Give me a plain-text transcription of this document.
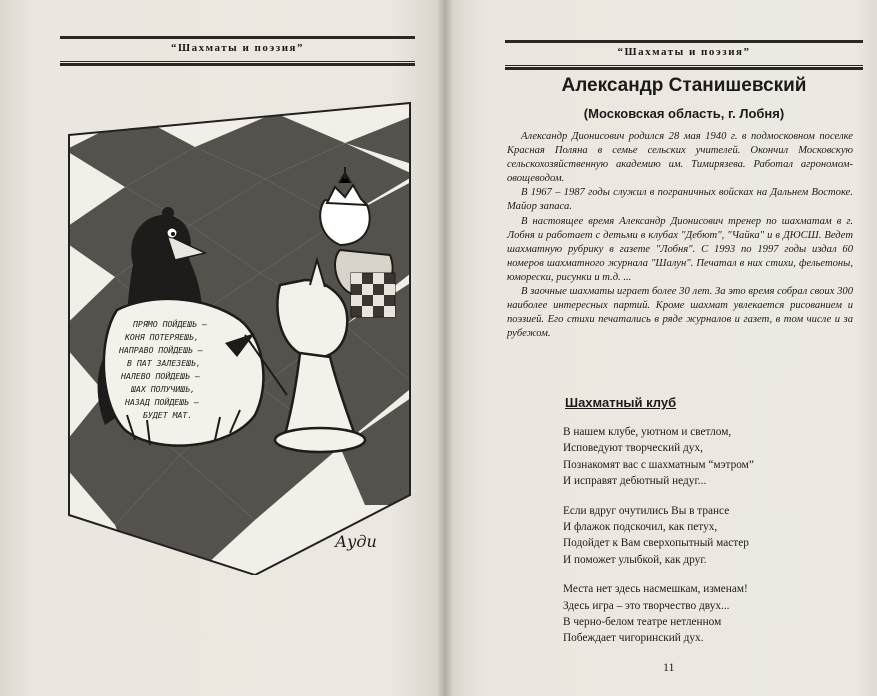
“Шахматы и поэзия”
ПРЯМО ПОЙДЕШЬ –
КОНЯ ПОТЕРЯЕШЬ,
НАПРАВО ПОЙДЕШЬ –
В ПАТ ЗАЛЕЗЕШЬ,
НАЛЕВО ПОЙДЕШЬ –
ШАХ ПОЛУЧИШЬ,
НАЗАД ПОЙДЕШЬ –
БУДЕТ МАТ.
Ауди
“Шахматы и поэзия”
Александр Станишевский
(Московская область, г. Лобня)

Александр Дионисович родился 28 мая 1940 г. в подмосковном поселке Красная Поляна в семье сельских учителей. Окончил Московскую сельскохозяйственную академию им. Тимирязева. Работал агрономом-овощеводом.

В 1967 – 1987 годы служил в пограничных войсках на Дальнем Востоке. Майор запаса.

В настоящее время Александр Дионисович тренер по шахматам в г. Лобня и работает с детьми в клубах "Дебют", "Чайка" и в ДЮСШ. Ведет шахматную рубрику в газете "Лобня". С 1993 по 1997 годы издал 60 номеров шахматного журнала "Шалун". Печатал в них стихи, фельетоны, юморески, рисунки и т.д. ...

В заочные шахматы играет более 30 лет. За это время собрал своих 300 наиболее интересных партий. Кроме шахмат увлекается рисованием и поэзией. Его стихи печатались в ряде журналов и газет, в том числе и за рубежом.

Шахматный клуб
В нашем клубе, уютном и светлом,
Исповедуют творческий дух,
Познакомят вас с шахматным “мэтром”
И исправят дебютный недуг...
Если вдруг очутились Вы в трансе
И флажок подскочил, как петух,
Подойдет к Вам сверхопытный мастер
И поможет улыбкой, как друг.
Места нет здесь насмешкам, изменам!
Здесь игра – это творчество двух...
В черно-белом театре нетленном
Побеждает чигоринский дух.
11
